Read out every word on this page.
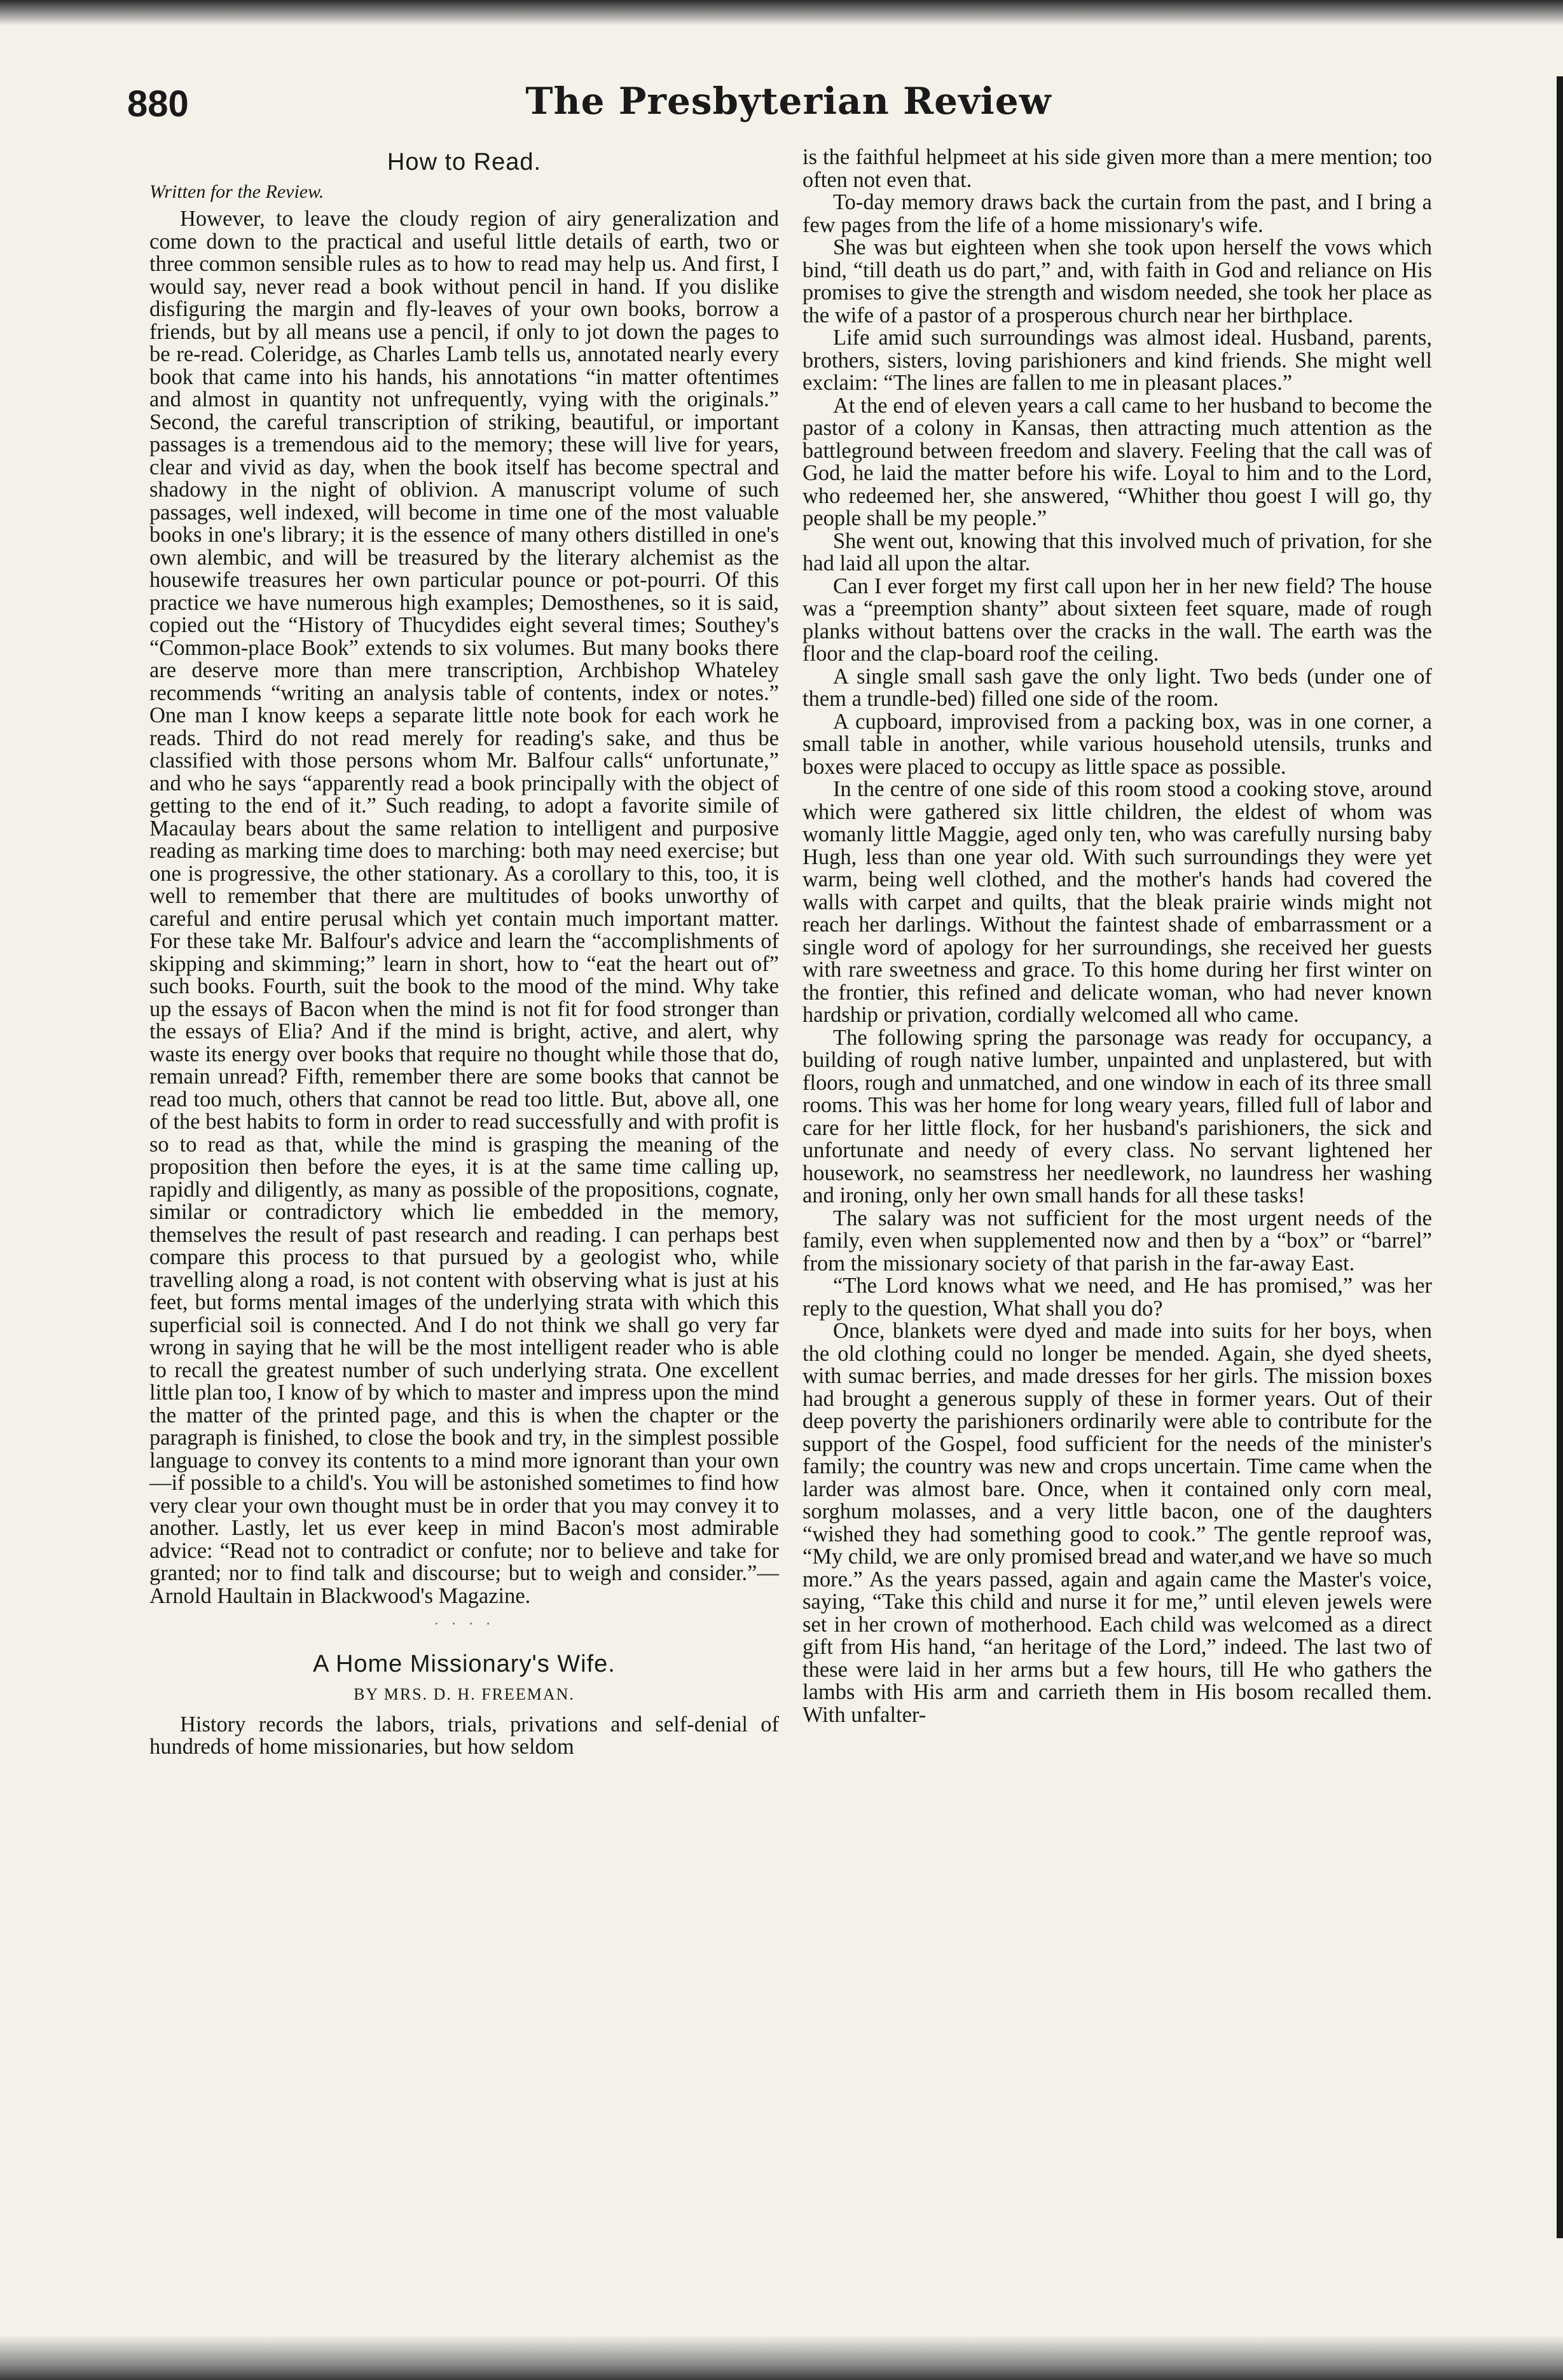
880	The Presbyterian Review
How to Read.
Written for the Review.

However, to leave the cloudy region of airy generalization and come down to the practical and useful little details of earth, two or three common sensible rules as to how to read may help us. And first, I would say, never read a book without pencil in hand. If you dislike disfiguring the margin and fly-leaves of your own books, borrow a friends, but by all means use a pencil, if only to jot down the pages to be re-read. Coleridge, as Charles Lamb tells us, annotated nearly every book that came into his hands, his annotations “in matter oftentimes and almost in quantity not unfrequently, vying with the originals.” Second, the careful transcription of striking, beautiful, or important passages is a tremendous aid to the memory; these will live for years, clear and vivid as day, when the book itself has become spectral and shadowy in the night of oblivion. A manuscript volume of such passages, well indexed, will become in time one of the most valuable books in one's library; it is the essence of many others distilled in one's own alembic, and will be treasured by the literary alchemist as the housewife treasures her own particular pounce or pot-pourri. Of this practice we have numerous high examples; Demosthenes, so it is said, copied out the “History of Thucydides eight several times; Southey's “Common-place Book” extends to six volumes. But many books there are deserve more than mere transcription, Archbishop Whateley recommends “writing an analysis table of contents, index or notes.” One man I know keeps a separate little note book for each work he reads. Third do not read merely for reading's sake, and thus be classified with those persons whom Mr. Balfour calls“ unfortunate,” and who he says “apparently read a book principally with the object of getting to the end of it.” Such reading, to adopt a favorite simile of Macaulay bears about the same relation to intelligent and purposive reading as marking time does to marching: both may need exercise; but one is progressive, the other stationary. As a corollary to this, too, it is well to remember that there are multitudes of books unworthy of careful and entire perusal which yet contain much important matter. For these take Mr. Balfour's advice and learn the “accomplishments of skipping and skimming;” learn in short, how to “eat the heart out of” such books. Fourth, suit the book to the mood of the mind. Why take up the essays of Bacon when the mind is not fit for food stronger than the essays of Elia? And if the mind is bright, active, and alert, why waste its energy over books that require no thought while those that do, remain unread? Fifth, remember there are some books that cannot be read too much, others that cannot be read too little. But, above all, one of the best habits to form in order to read successfully and with profit is so to read as that, while the mind is grasping the meaning of the proposition then before the eyes, it is at the same time calling up, rapidly and diligently, as many as possible of the propositions, cognate, similar or contradictory which lie embedded in the memory, themselves the result of past research and reading. I can perhaps best compare this process to that pursued by a geologist who, while travelling along a road, is not content with observing what is just at his feet, but forms mental images of the underlying strata with which this superficial soil is connected. And I do not think we shall go very far wrong in saying that he will be the most intelligent reader who is able to recall the greatest number of such underlying strata. One excellent little plan too, I know of by which to master and impress upon the mind the matter of the printed page, and this is when the chapter or the paragraph is finished, to close the book and try, in the simplest possible language to convey its contents to a mind more ignorant than your own—if possible to a child's. You will be astonished sometimes to find how very clear your own thought must be in order that you may convey it to another. Lastly, let us ever keep in mind Bacon's most admirable advice: “Read not to contradict or confute; nor to believe and take for granted; nor to find talk and discourse; but to weigh and consider.”—Arnold Haultain in Blackwood's Magazine.

· · · ·
A Home Missionary's Wife.
BY MRS. D. H. FREEMAN.

History records the labors, trials, privations and self-denial of hundreds of home missionaries, but how seldom

is the faithful helpmeet at his side given more than a mere mention; too often not even that.

To-day memory draws back the curtain from the past, and I bring a few pages from the life of a home missionary's wife.

She was but eighteen when she took upon herself the vows which bind, “till death us do part,” and, with faith in God and reliance on His promises to give the strength and wisdom needed, she took her place as the wife of a pastor of a prosperous church near her birthplace.

Life amid such surroundings was almost ideal. Husband, parents, brothers, sisters, loving parishioners and kind friends. She might well exclaim: “The lines are fallen to me in pleasant places.”

At the end of eleven years a call came to her husband to become the pastor of a colony in Kansas, then attracting much attention as the battleground between freedom and slavery. Feeling that the call was of God, he laid the matter before his wife. Loyal to him and to the Lord, who redeemed her, she answered, “Whither thou goest I will go, thy people shall be my people.”

She went out, knowing that this involved much of privation, for she had laid all upon the altar.

Can I ever forget my first call upon her in her new field? The house was a “preemption shanty” about sixteen feet square, made of rough planks without battens over the cracks in the wall. The earth was the floor and the clap-board roof the ceiling.

A single small sash gave the only light. Two beds (under one of them a trundle-bed) filled one side of the room.

A cupboard, improvised from a packing box, was in one corner, a small table in another, while various household utensils, trunks and boxes were placed to occupy as little space as possible.

In the centre of one side of this room stood a cooking stove, around which were gathered six little children, the eldest of whom was womanly little Maggie, aged only ten, who was carefully nursing baby Hugh, less than one year old. With such surroundings they were yet warm, being well clothed, and the mother's hands had covered the walls with carpet and quilts, that the bleak prairie winds might not reach her darlings. Without the faintest shade of embarrassment or a single word of apology for her surroundings, she received her guests with rare sweetness and grace. To this home during her first winter on the frontier, this refined and delicate woman, who had never known hardship or privation, cordially welcomed all who came.

The following spring the parsonage was ready for occupancy, a building of rough native lumber, unpainted and unplastered, but with floors, rough and unmatched, and one window in each of its three small rooms. This was her home for long weary years, filled full of labor and care for her little flock, for her husband's parishioners, the sick and unfortunate and needy of every class. No servant lightened her housework, no seamstress her needlework, no laundress her washing and ironing, only her own small hands for all these tasks!

The salary was not sufficient for the most urgent needs of the family, even when supplemented now and then by a “box” or “barrel” from the missionary society of that parish in the far-away East.

“The Lord knows what we need, and He has promised,” was her reply to the question, What shall you do?

Once, blankets were dyed and made into suits for her boys, when the old clothing could no longer be mended. Again, she dyed sheets, with sumac berries, and made dresses for her girls. The mission boxes had brought a generous supply of these in former years. Out of their deep poverty the parishioners ordinarily were able to contribute for the support of the Gospel, food sufficient for the needs of the minister's family; the country was new and crops uncertain. Time came when the larder was almost bare. Once, when it contained only corn meal, sorghum molasses, and a very little bacon, one of the daughters “wished they had something good to cook.” The gentle reproof was, “My child, we are only promised bread and water,and we have so much more.” As the years passed, again and again came the Master's voice, saying, “Take this child and nurse it for me,” until eleven jewels were set in her crown of motherhood. Each child was welcomed as a direct gift from His hand, “an heritage of the Lord,” indeed. The last two of these were laid in her arms but a few hours, till He who gathers the lambs with His arm and carrieth them in His bosom recalled them. With unfalter-
